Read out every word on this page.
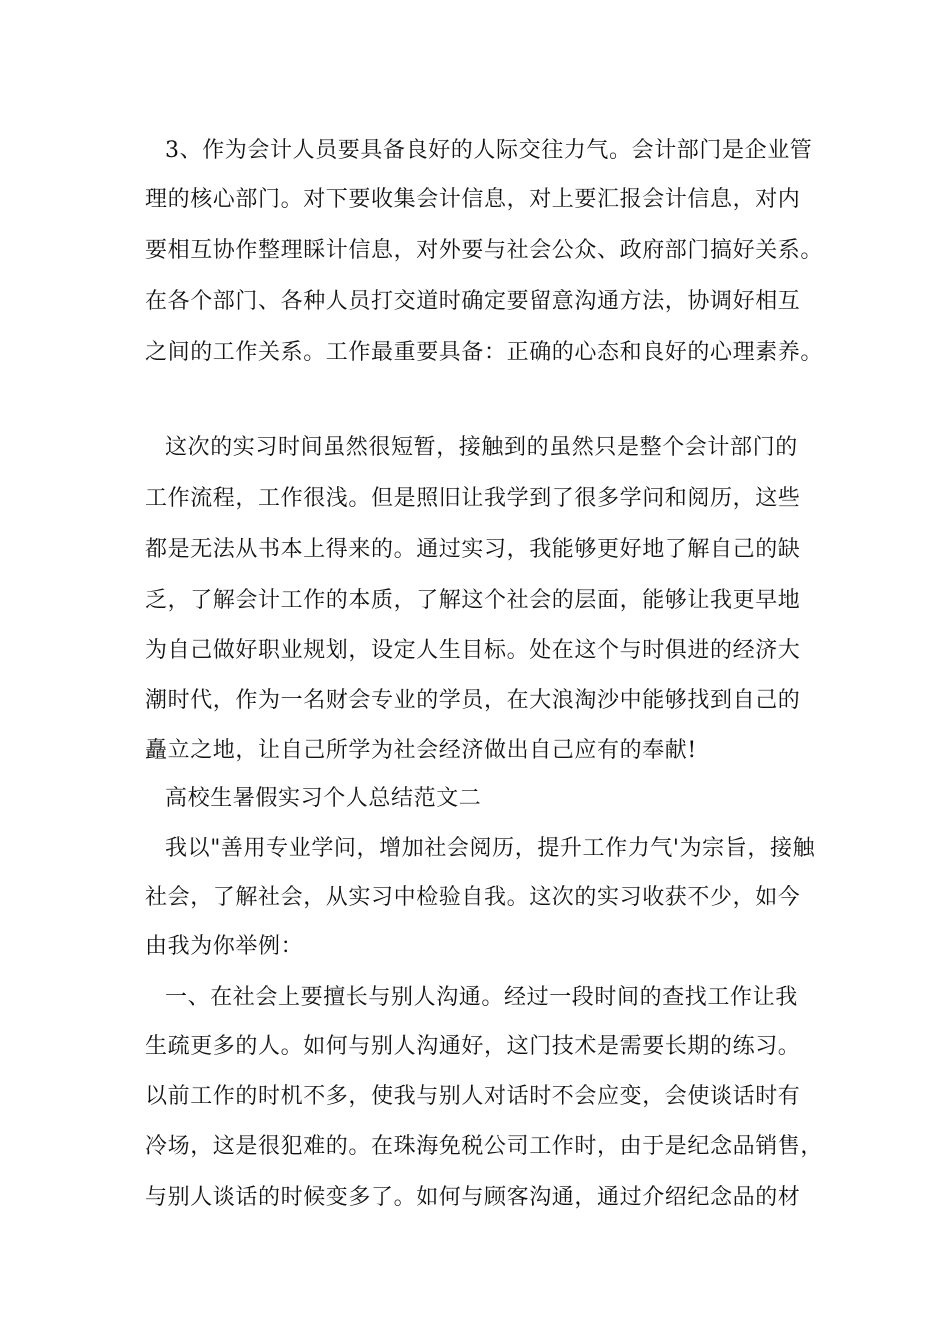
3、作为会计人员要具备良好的人际交往力气。会计部门是企业管
理的核心部门。对下要收集会计信息，对上要汇报会计信息，对内
要相互协作整理睬计信息，对外要与社会公众、政府部门搞好关系。
在各个部门、各种人员打交道时确定要留意沟通方法，协调好相互
之间的工作关系。工作最重要具备：正确的心态和良好的心理素养。
这次的实习时间虽然很短暂，接触到的虽然只是整个会计部门的
工作流程，工作很浅。但是照旧让我学到了很多学问和阅历，这些
都是无法从书本上得来的。通过实习，我能够更好地了解自己的缺
乏，了解会计工作的本质，了解这个社会的层面，能够让我更早地
为自己做好职业规划，设定人生目标。处在这个与时俱进的经济大
潮时代，作为一名财会专业的学员，在大浪淘沙中能够找到自己的
矗立之地，让自己所学为社会经济做出自己应有的奉献!
高校生暑假实习个人总结范文二
我以"善用专业学问，增加社会阅历，提升工作力气'为宗旨，接触
社会，了解社会，从实习中检验自我。这次的实习收获不少，如今
由我为你举例：
一、在社会上要擅长与别人沟通。经过一段时间的查找工作让我
生疏更多的人。如何与别人沟通好，这门技术是需要长期的练习。
以前工作的时机不多，使我与别人对话时不会应变，会使谈话时有
冷场，这是很犯难的。在珠海免税公司工作时，由于是纪念品销售，
与别人谈话的时候变多了。如何与顾客沟通，通过介绍纪念品的材
